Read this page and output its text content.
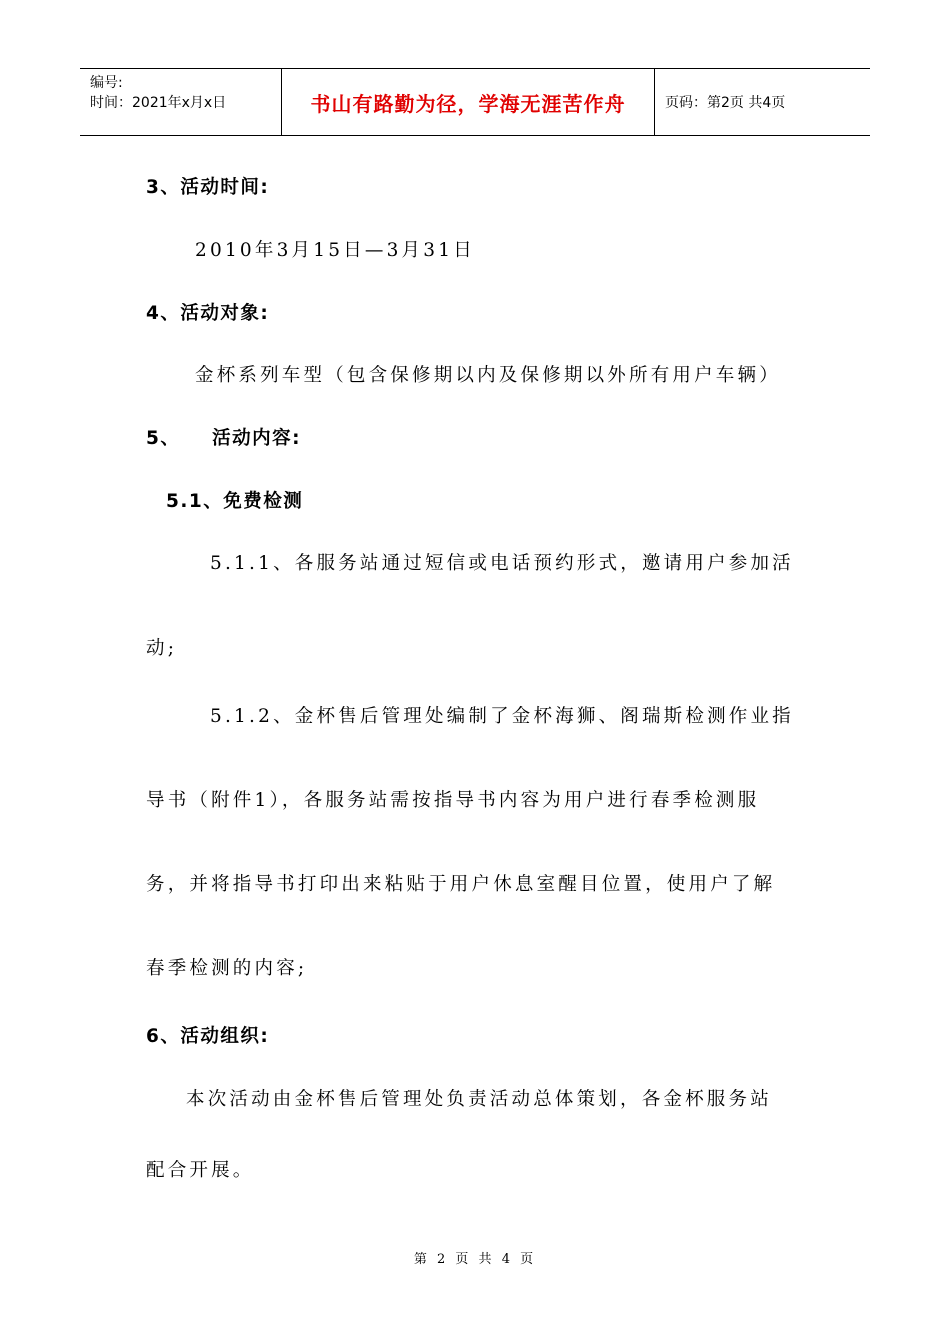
编号:
时间：2021年x月x日	书山有路勤为径，学海无涯苦作舟	页码：第2页 共4页
3、活动时间:
2010年3月15日—3月31日
4、活动对象:
金杯系列车型（包含保修期以内及保修期以外所有用户车辆）
5、    活动内容:
5.1、免费检测
5.1.1、各服务站通过短信或电话预约形式，邀请用户参加活
动;
5.1.2、金杯售后管理处编制了金杯海狮、阁瑞斯检测作业指
导书（附件1），各服务站需按指导书内容为用户进行春季检测服
务，并将指导书打印出来粘贴于用户休息室醒目位置，使用户了解
春季检测的内容;
6、活动组织:
本次活动由金杯售后管理处负责活动总体策划，各金杯服务站
配合开展。
第 2 页 共 4 页
